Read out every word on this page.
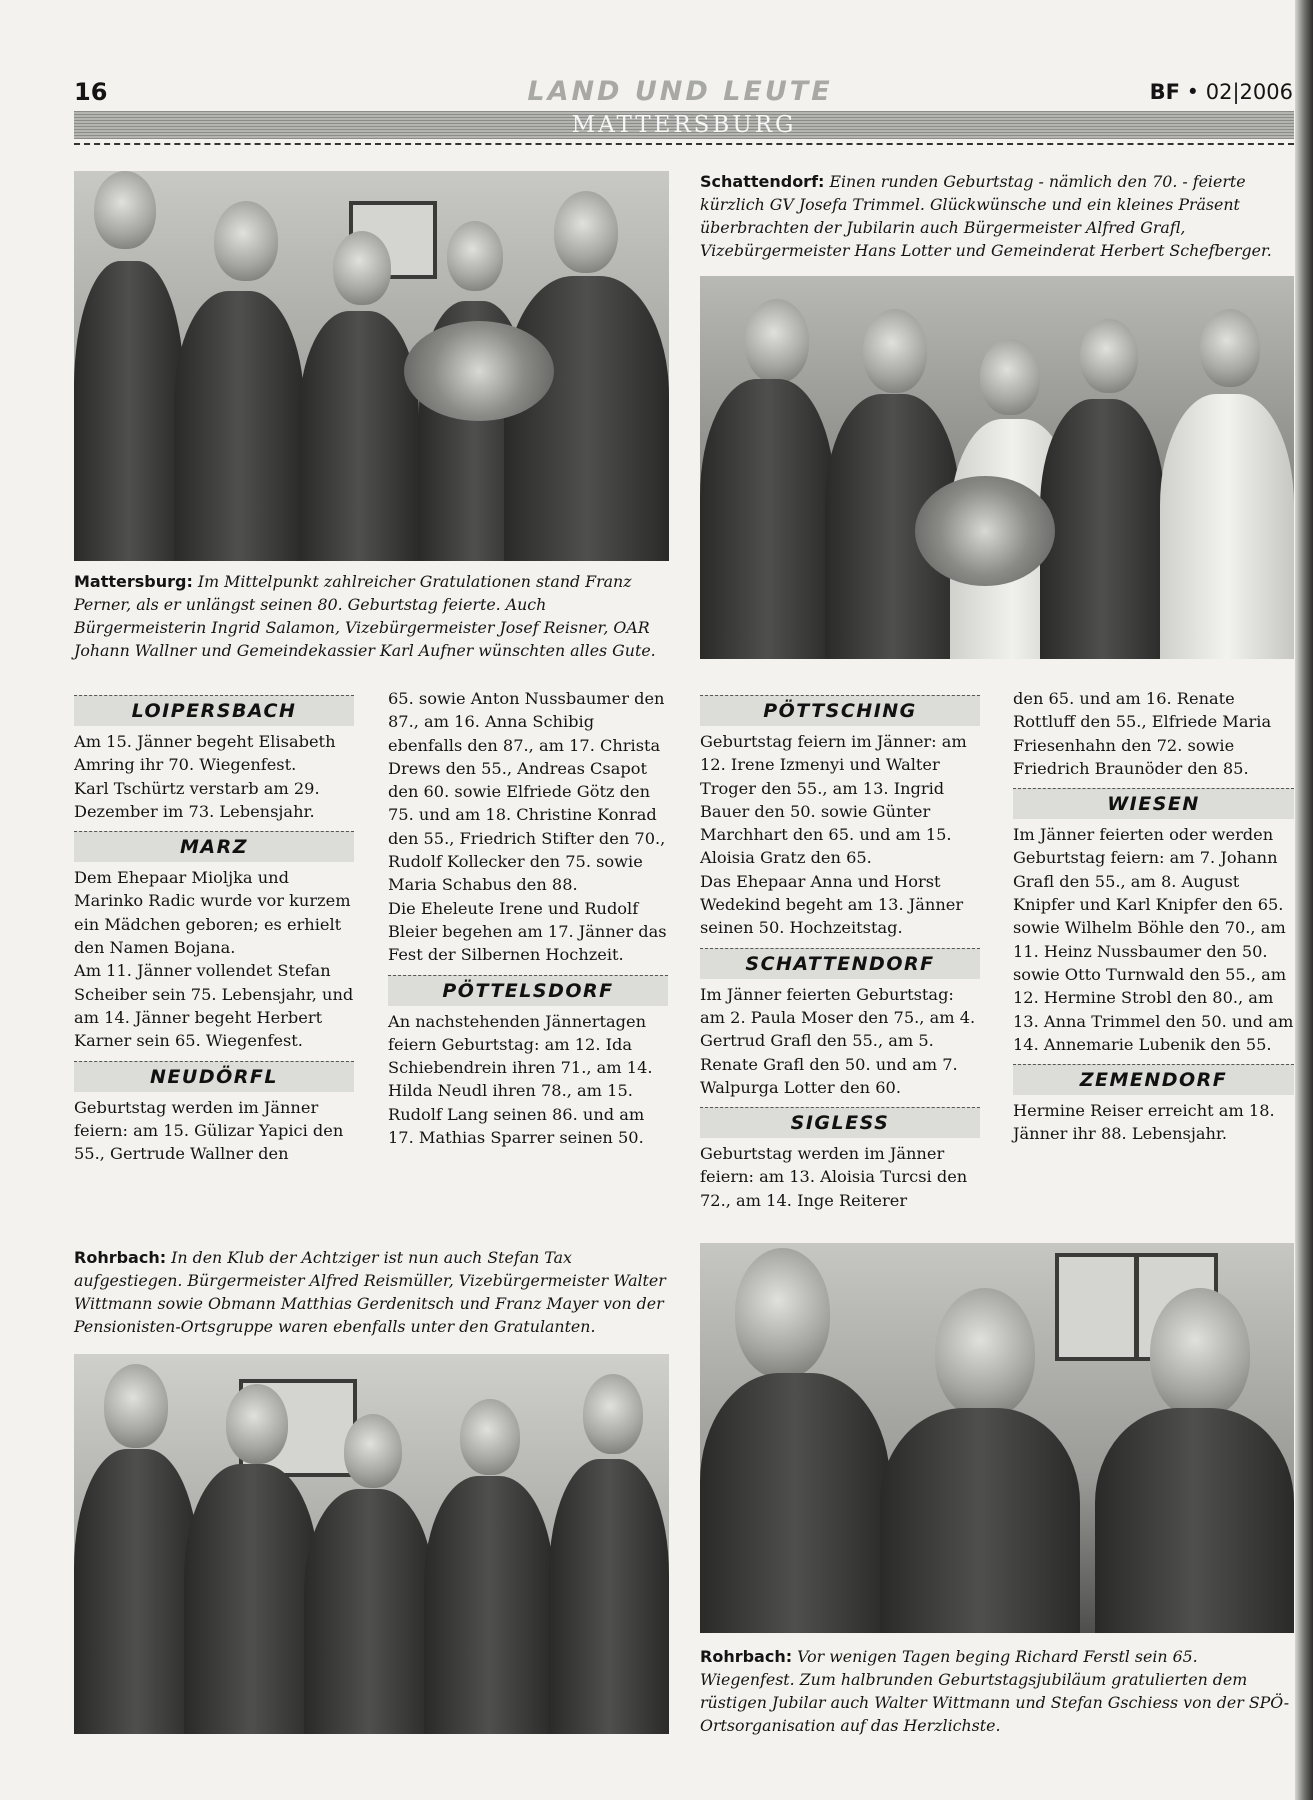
16	LAND UND LEUTE	BF • 02|2006
MATTERSBURG
Mattersburg: Im Mittelpunkt zahlreicher Gratulationen stand Franz Perner, als er unlängst seinen 80. Geburtstag feierte. Auch Bürgermeisterin Ingrid Salamon, Vizebürgermeister Josef Reisner, OAR Johann Wallner und Gemeindekassier Karl Aufner wünschten alles Gute.
Schattendorf: Einen runden Geburtstag - nämlich den 70. - feierte kürzlich GV Josefa Trimmel. Glückwünsche und ein kleines Präsent überbrachten der Jubilarin auch Bürgermeister Alfred Grafl, Vizebürgermeister Hans Lotter und Gemeinderat Herbert Schefberger.
LOIPERSBACH

Am 15. Jänner begeht Elisabeth Amring ihr 70. Wiegenfest.

Karl Tschürtz verstarb am 29. Dezember im 73. Lebensjahr.

MARZ

Dem Ehepaar Mioljka und Marinko Radic wurde vor kurzem ein Mädchen geboren; es erhielt den Namen Bojana.

Am 11. Jänner vollendet Stefan Scheiber sein 75. Lebensjahr, und am 14. Jänner begeht Herbert Karner sein 65. Wiegenfest.

NEUDÖRFL

Geburtstag werden im Jänner feiern: am 15. Gülizar Yapici den 55., Gertrude Wallner den

65. sowie Anton Nussbaumer den 87., am 16. Anna Schibig ebenfalls den 87., am 17. Christa Drews den 55., Andreas Csapot den 60. sowie Elfriede Götz den 75. und am 18. Christine Konrad den 55., Friedrich Stifter den 70., Rudolf Kollecker den 75. sowie Maria Schabus den 88.

Die Eheleute Irene und Rudolf Bleier begehen am 17. Jänner das Fest der Silbernen Hochzeit.

PÖTTELSDORF

An nachstehenden Jännertagen feiern Geburtstag: am 12. Ida Schiebendrein ihren 71., am 14. Hilda Neudl ihren 78., am 15. Rudolf Lang seinen 86. und am 17. Mathias Sparrer seinen 50.

PÖTTSCHING

Geburtstag feiern im Jänner: am 12. Irene Izmenyi und Walter Troger den 55., am 13. Ingrid Bauer den 50. sowie Günter Marchhart den 65. und am 15. Aloisia Gratz den 65.

Das Ehepaar Anna und Horst Wedekind begeht am 13. Jänner seinen 50. Hochzeitstag.

SCHATTENDORF

Im Jänner feierten Geburtstag: am 2. Paula Moser den 75., am 4. Gertrud Grafl den 55., am 5. Renate Grafl den 50. und am 7. Walpurga Lotter den 60.

SIGLESS

Geburtstag werden im Jänner feiern: am 13. Aloisia Turcsi den 72., am 14. Inge Reiterer

den 65. und am 16. Renate Rottluff den 55., Elfriede Maria Friesenhahn den 72. sowie Friedrich Braunöder den 85.

WIESEN

Im Jänner feierten oder werden Geburtstag feiern: am 7. Johann Grafl den 55., am 8. August Knipfer und Karl Knipfer den 65. sowie Wilhelm Böhle den 70., am 11. Heinz Nussbaumer den 50. sowie Otto Turnwald den 55., am 12. Hermine Strobl den 80., am 13. Anna Trimmel den 50. und am 14. Annemarie Lubenik den 55.

ZEMENDORF

Hermine Reiser erreicht am 18. Jänner ihr 88. Lebensjahr.

Rohrbach: In den Klub der Achtziger ist nun auch Stefan Tax aufgestiegen. Bürgermeister Alfred Reismüller, Vizebürgermeister Walter Wittmann sowie Obmann Matthias Gerdenitsch und Franz Mayer von der Pensionisten-Ortsgruppe waren ebenfalls unter den Gratulanten.
Rohrbach: Vor wenigen Tagen beging Richard Ferstl sein 65. Wiegenfest. Zum halbrunden Geburtstagsjubiläum gratulierten dem rüstigen Jubilar auch Walter Wittmann und Stefan Gschiess von der SPÖ-Ortsorganisation auf das Herzlichste.
